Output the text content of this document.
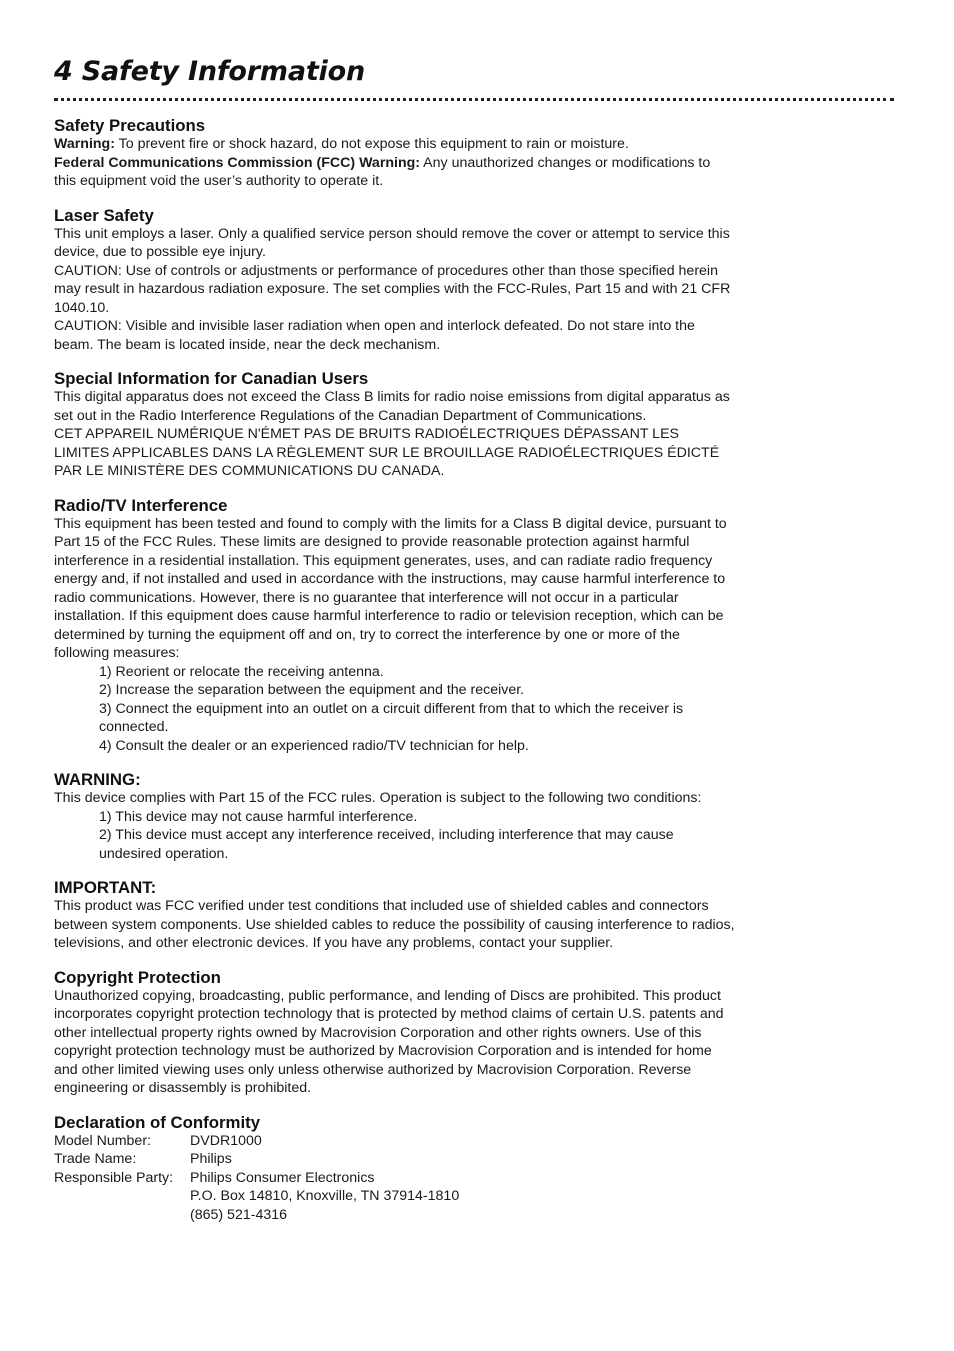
4 Safety Information
Safety Precautions

Warning: To prevent fire or shock hazard, do not expose this equipment to rain or moisture.

Federal Communications Commission (FCC) Warning: Any unauthorized changes or modifications to this equipment void the user’s authority to operate it.

Laser Safety

This unit employs a laser. Only a qualified service person should remove the cover or attempt to service this device, due to possible eye injury.

CAUTION: Use of controls or adjustments or performance of procedures other than those specified herein may result in hazardous radiation exposure. The set complies with the FCC-Rules, Part 15 and with 21 CFR 1040.10.

CAUTION: Visible and invisible laser radiation when open and interlock defeated. Do not stare into the beam. The beam is located inside, near the deck mechanism.

Special Information for Canadian Users

This digital apparatus does not exceed the Class B limits for radio noise emissions from digital apparatus as set out in the Radio Interference Regulations of the Canadian Department of Communications.

CET APPAREIL NUMÉRIQUE N'ÉMET PAS DE BRUITS RADIOÉLECTRIQUES DÉPASSANT LES LIMITES APPLICABLES DANS LA RÈGLEMENT SUR LE BROUILLAGE RADIOÉLECTRIQUES ÉDICTÉ PAR LE MINISTÈRE DES COMMUNICATIONS DU CANADA.

Radio/TV Interference

This equipment has been tested and found to comply with the limits for a Class B digital device, pursuant to Part 15 of the FCC Rules. These limits are designed to provide reasonable protection against harmful interference in a residential installation. This equipment generates, uses, and can radiate radio frequency energy and, if not installed and used in accordance with the instructions, may cause harmful interference to radio communications. However, there is no guarantee that interference will not occur in a particular installation. If this equipment does cause harmful interference to radio or television reception, which can be determined by turning the equipment off and on, try to correct the interference by one or more of the following measures:

1) Reorient or relocate the receiving antenna.
2) Increase the separation between the equipment and the receiver.
3) Connect the equipment into an outlet on a circuit different from that to which the receiver is connected.
4) Consult the dealer or an experienced radio/TV technician for help.
WARNING:

This device complies with Part 15 of the FCC rules. Operation is subject to the following two conditions:

1) This device may not cause harmful interference.
2) This device must accept any interference received, including interference that may cause undesired operation.
IMPORTANT:

This product was FCC verified under test conditions that included use of shielded cables and connectors between system components. Use shielded cables to reduce the possibility of causing interference to radios, televisions, and other electronic devices. If you have any problems, contact your supplier.

Copyright Protection

Unauthorized copying, broadcasting, public performance, and lending of Discs are prohibited. This product incorporates copyright protection technology that is protected by method claims of certain U.S. patents and other intellectual property rights owned by Macrovision Corporation and other rights owners. Use of this copyright protection technology must be authorized by Macrovision Corporation and is intended for home and other limited viewing uses only unless otherwise authorized by Macrovision Corporation. Reverse engineering or disassembly is prohibited.

Declaration of Conformity
Model Number:	DVDR1000
Trade Name:	Philips
Responsible Party:	Philips Consumer Electronics
P.O. Box 14810, Knoxville, TN 37914-1810
(865) 521-4316
